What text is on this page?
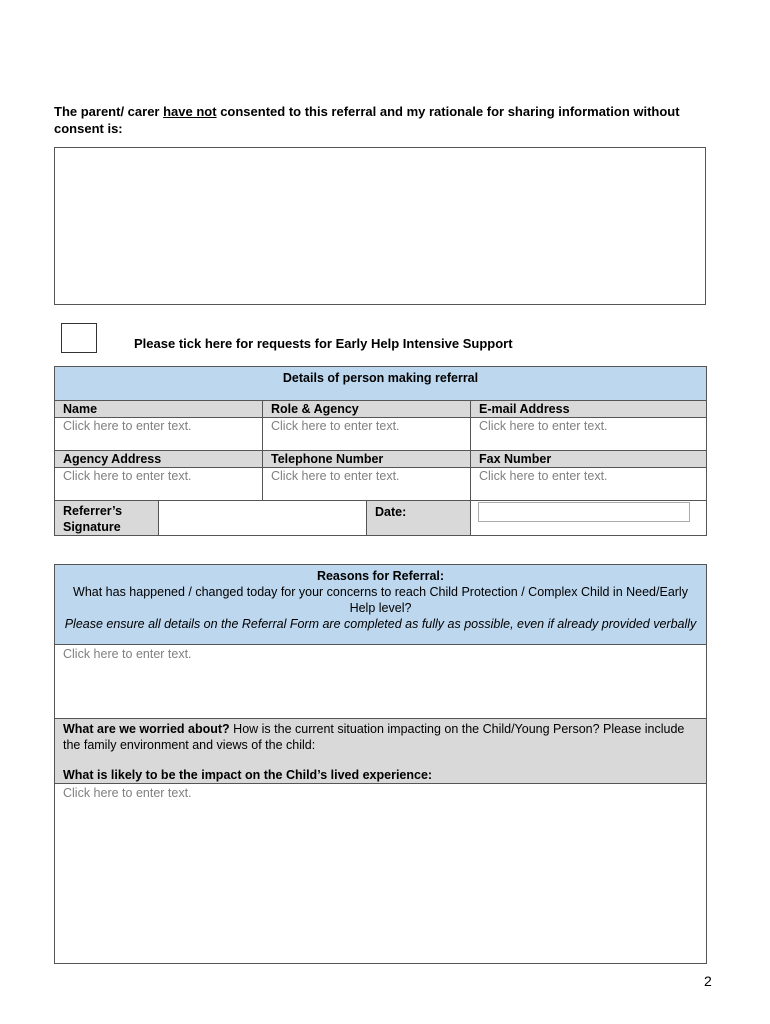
The parent/ carer have not consented to this referral and my rationale for sharing information without consent is:
Please tick here for requests for Early Help Intensive Support
Details of person making referral				
Name		Role & Agency		E-mail Address
Click here to enter text.		Click here to enter text.		Click here to enter text.
Agency Address		Telephone Number		Fax Number
Click here to enter text.		Click here to enter text.		Click here to enter text.
Referrer’s Signature			Date:	
Reasons for Referral:
What has happened / changed today for your concerns to reach Child Protection / Complex Child in Need/Early Help level?
Please ensure all details on the Referral Form are completed as fully as possible, even if already provided verbally

Click here to enter text.

What are we worried about? How is the current situation impacting on the Child/Young Person? Please include the family environment and views of the child:
What is likely to be the impact on the Child’s lived experience:

Click here to enter text.
2
